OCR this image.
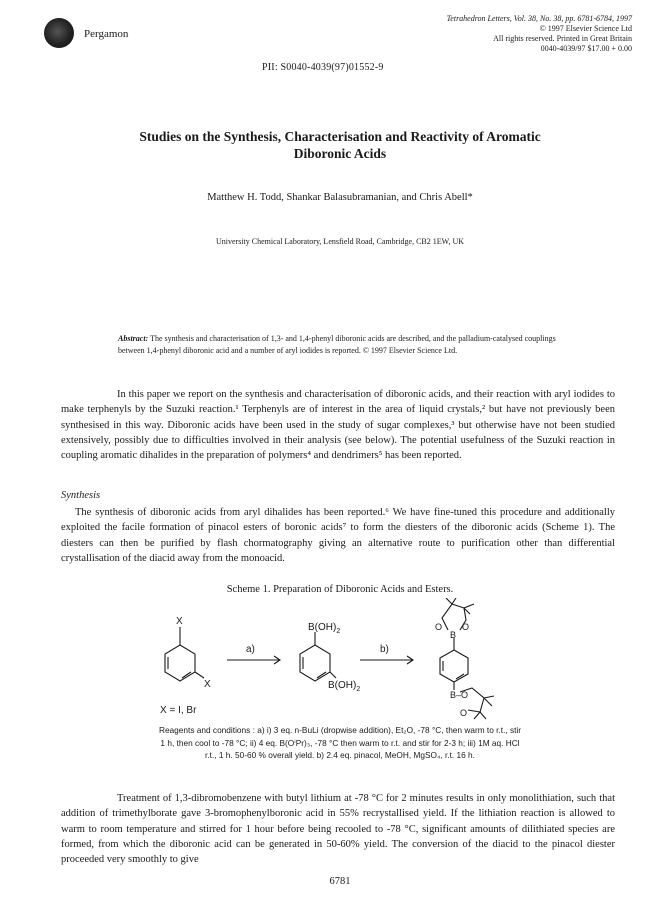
Pergamon
Tetrahedron Letters, Vol. 38, No. 38, pp. 6781-6784, 1997
© 1997 Elsevier Science Ltd
All rights reserved. Printed in Great Britain
0040-4039/97 $17.00 + 0.00
PII: S0040-4039(97)01552-9
Studies on the Synthesis, Characterisation and Reactivity of Aromatic
Diboronic Acids
Matthew H. Todd, Shankar Balasubramanian, and Chris Abell*
University Chemical Laboratory, Lensfield Road, Cambridge, CB2 1EW, UK
Abstract: The synthesis and characterisation of 1,3- and 1,4-phenyl diboronic acids are described, and the palladium-catalysed couplings between 1,4-phenyl diboronic acid and a number of aryl iodides is reported. © 1997 Elsevier Science Ltd.
In this paper we report on the synthesis and characterisation of diboronic acids, and their reaction with aryl iodides to make terphenyls by the Suzuki reaction.¹ Terphenyls are of interest in the area of liquid crystals,² but have not previously been synthesised in this way. Diboronic acids have been used in the study of sugar complexes,³ but otherwise have not been studied extensively, possibly due to difficulties involved in their analysis (see below). The potential usefulness of the Suzuki reaction in coupling aromatic dihalides in the preparation of polymers⁴ and dendrimers⁵ has been reported.
Synthesis
The synthesis of diboronic acids from aryl dihalides has been reported.⁶ We have fine-tuned this procedure and additionally exploited the facile formation of pinacol esters of boronic acids⁷ to form the diesters of the diboronic acids (Scheme 1). The diesters can then be purified by flash chormatography giving an alternative route to purification other than differential crystallisation of the diacid away from the monoacid.
Scheme 1. Preparation of Diboronic Acids and Esters.
X
X
X = I, Br
a)	b)
$B(OH)_2$
$B(OH)_2$
O O
B
B–O
O
Reagents and conditions : a) i) 3 eq. n-BuLi (dropwise addition), Et₂O, -78 °C, then warm to r.t., stir
1 h, then cool to -78 °C; ii) 4 eq. B(OⁱPr)₃, -78 °C then warm to r.t. and stir for 2-3 h; iii) 1M aq. HCl
r.t., 1 h. 50-60 % overall yield. b) 2.4 eq. pinacol, MeOH, MgSO₄, r.t. 16 h.
Treatment of 1,3-dibromobenzene with butyl lithium at -78 °C for 2 minutes results in only monolithiation, such that addition of trimethylborate gave 3-bromophenylboronic acid in 55% recrystallised yield. If the lithiation reaction is allowed to warm to room temperature and stirred for 1 hour before being recooled to -78 °C, significant amounts of dilithiated species are formed, from which the diboronic acid can be generated in 50-60% yield. The conversion of the diacid to the pinacol diester proceeded very smoothly to give
6781
